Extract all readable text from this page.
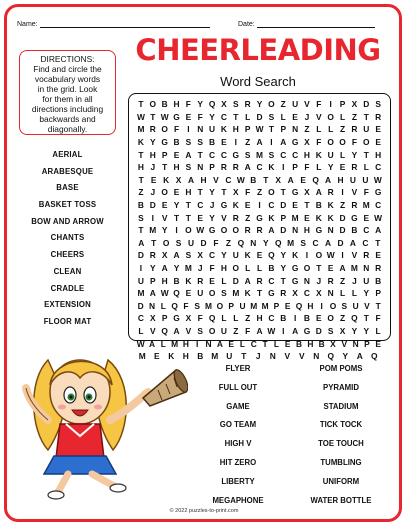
Name:	Date:
CHEERLEADING
Word Search
DIRECTIONS:
Find and circle the
vocabulary words
in the grid. Look
for them in all
directions including
backwards and
diagonally.
AERIAL
ARABESQUE
BASE
BASKET TOSS
BOW AND ARROW
CHANTS
CHEERS
CLEAN
CRADLE
EXTENSION
FLOOR MAT
T O B H F Y Q X S R Y O Z U V F I P X D S
W T W G E F Y C T L D S L E J V O L Z T R
M R O F I N U K H P W T P N Z L L Z R U E
K Y G B S S B E I Z A I A G X F O O F O E
T H P E A T C C G S M S C C H K U L Y T H
H J T H S N P R R A C K I P F L Y E R L C
T E K X A H V C W B T X A E Q A H U U W
Z J O E H T Y T X F Z O T G X A R I V F G
B D E Y T C J G K E I C D E T B K Z R M C
S I V T T E Y V R Z G K P M E K K D G E W
T M Y I O W G O O R R A D N H G N D B C A
A T O S U D F Z Q N Y Q M S C A D A C T
D R X A S X C Y U K E Q Y K I O W I V R E
I Y A Y M J F H O L L B Y G O T E A M N R
U P H B K R E L D A R C T G N J R Z J U B
M A W Q E U O S M K T G R X C X N L L Y P
D N L Q F S M O P U M M P E Q H I O S U V T
C X P G X F Q L L Z H C B I B E O Z Q T F
L V Q A V S O U Z F A W I A G D S X Y Y L
W A L M H I N A E L C T L E B H B X V N P E
M E	K	H	B M U	T	J	N	V	V	N Q	Y	A Q
FLYER
FULL OUT
GAME
GO TEAM
HIGH V
HIT ZERO
LIBERTY
MEGAPHONE
POM POMS
PYRAMID
STADIUM
TICK TOCK
TOE TOUCH
TUMBLING
UNIFORM
WATER BOTTLE
© 2022 puzzles-to-print.com
